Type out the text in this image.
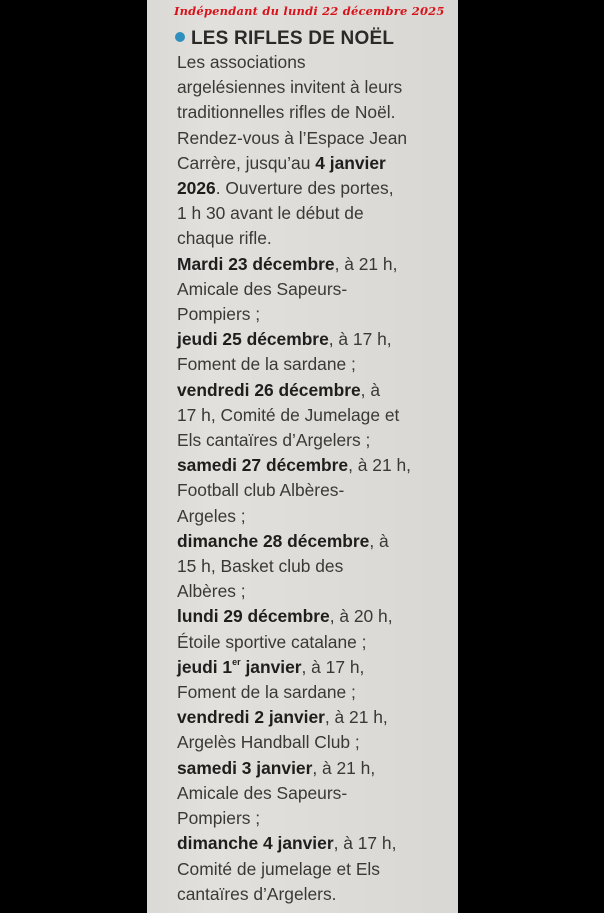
Indépendant du lundi 22 décembre 2025
LES RIFLES DE NOËL

Les associations

argelésiennes invitent à leurs

traditionnelles rifles de Noël.

Rendez-vous à l’Espace Jean

Carrère, jusqu’au 4 janvier

2026. Ouverture des portes,

1 h 30 avant le début de

chaque rifle.

Mardi 23 décembre, à 21 h,

Amicale des Sapeurs-

Pompiers ;

jeudi 25 décembre, à 17 h,

Foment de la sardane ;

vendredi 26 décembre, à

17 h, Comité de Jumelage et

Els cantaïres d’Argelers ;

samedi 27 décembre, à 21 h,

Football club Albères-

Argeles ;

dimanche 28 décembre, à

15 h, Basket club des

Albères ;

lundi 29 décembre, à 20 h,

Étoile sportive catalane ;

jeudi 1er janvier, à 17 h,

Foment de la sardane ;

vendredi 2 janvier, à 21 h,

Argelès Handball Club ;

samedi 3 janvier, à 21 h,

Amicale des Sapeurs-

Pompiers ;

dimanche 4 janvier, à 17 h,

Comité de jumelage et Els

cantaïres d’Argelers.
